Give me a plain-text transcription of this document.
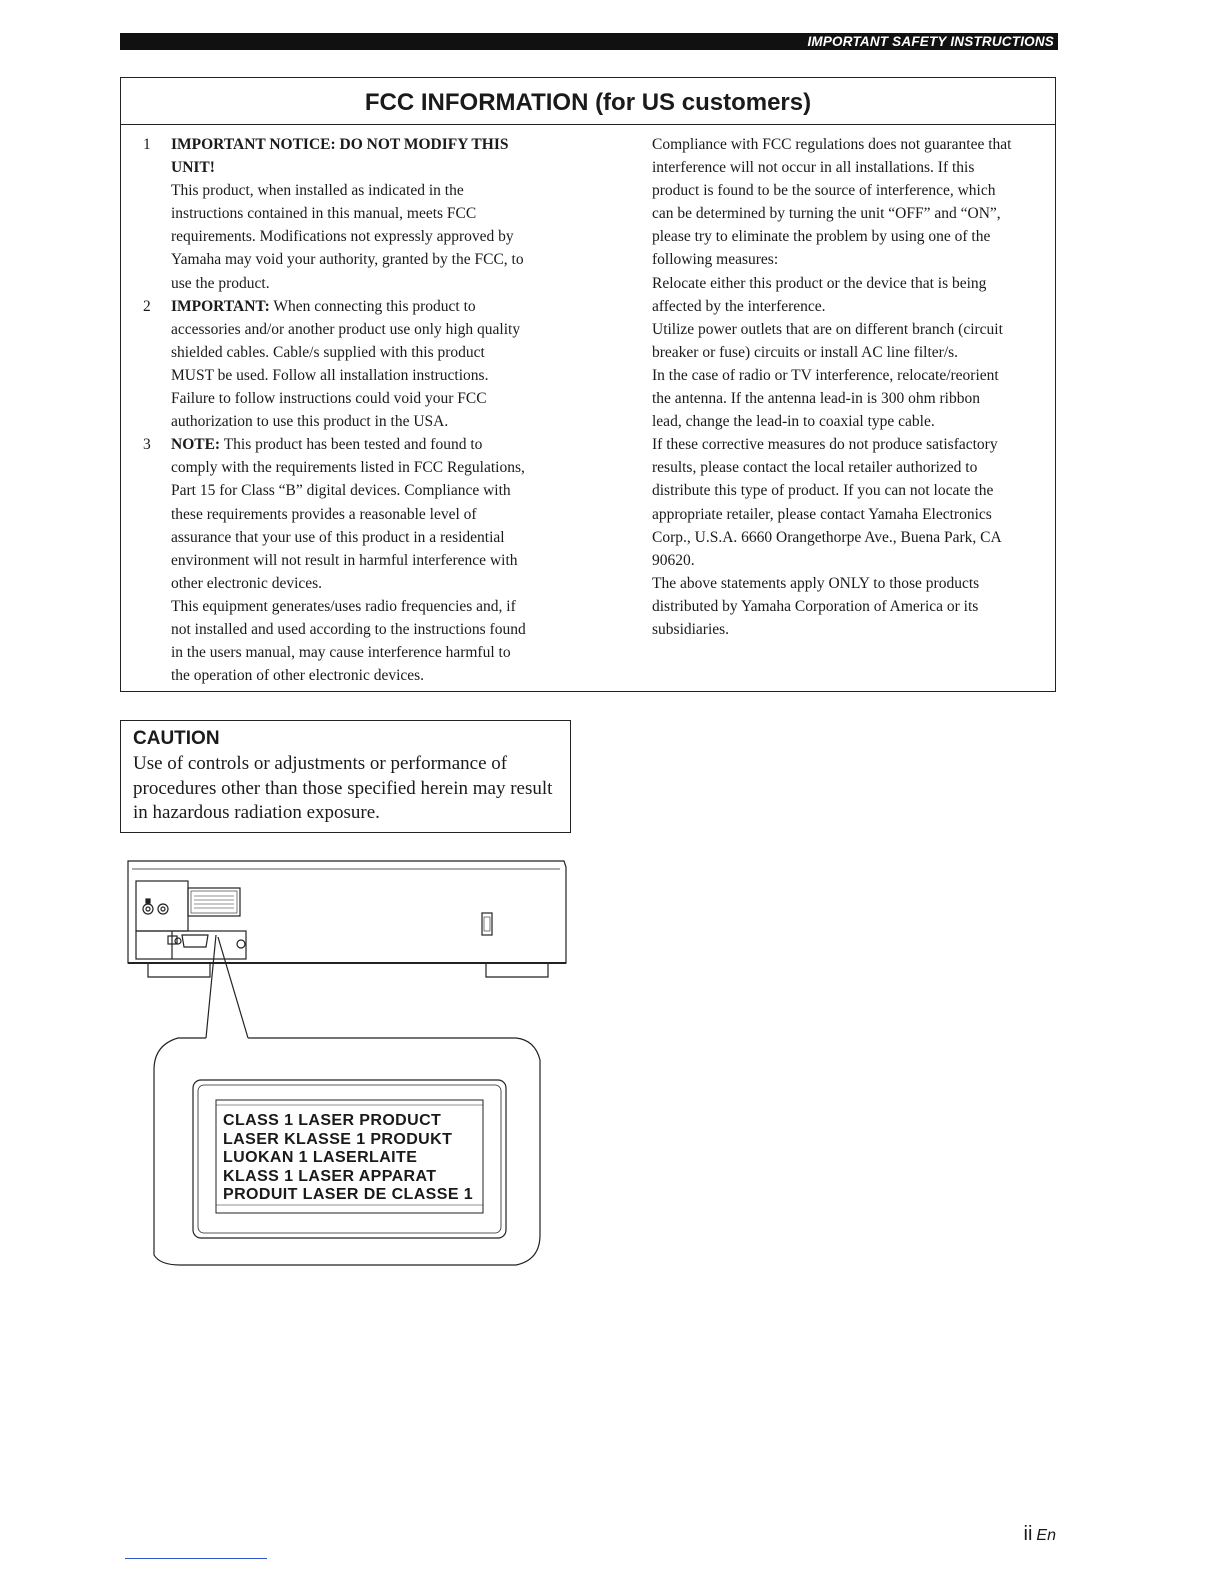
IMPORTANT SAFETY INSTRUCTIONS
FCC INFORMATION (for US customers)
1	IMPORTANT NOTICE: DO NOT MODIFY THIS
UNIT!
This product, when installed as indicated in the
instructions contained in this manual, meets FCC
requirements. Modifications not expressly approved by
Yamaha may void your authority, granted by the FCC, to
use the product.
2	IMPORTANT: When connecting this product to
accessories and/or another product use only high quality
shielded cables. Cable/s supplied with this product
MUST be used. Follow all installation instructions.
Failure to follow instructions could void your FCC
authorization to use this product in the USA.
3	NOTE: This product has been tested and found to
comply with the requirements listed in FCC Regulations,
Part 15 for Class “B” digital devices. Compliance with
these requirements provides a reasonable level of
assurance that your use of this product in a residential
environment will not result in harmful interference with
other electronic devices.
This equipment generates/uses radio frequencies and, if
not installed and used according to the instructions found
in the users manual, may cause interference harmful to
the operation of other electronic devices.
Compliance with FCC regulations does not guarantee that
interference will not occur in all installations. If this
product is found to be the source of interference, which
can be determined by turning the unit “OFF” and “ON”,
please try to eliminate the problem by using one of the
following measures:
Relocate either this product or the device that is being
affected by the interference.
Utilize power outlets that are on different branch (circuit
breaker or fuse) circuits or install AC line filter/s.
In the case of radio or TV interference, relocate/reorient
the antenna. If the antenna lead-in is 300 ohm ribbon
lead, change the lead-in to coaxial type cable.
If these corrective measures do not produce satisfactory
results, please contact the local retailer authorized to
distribute this type of product. If you can not locate the
appropriate retailer, please contact Yamaha Electronics
Corp., U.S.A. 6660 Orangethorpe Ave., Buena Park, CA
90620.
The above statements apply ONLY to those products
distributed by Yamaha Corporation of America or its
subsidiaries.
CAUTION
Use of controls or adjustments or performance of
procedures other than those specified herein may result
in hazardous radiation exposure.
CLASS 1 LASER PRODUCT
LASER KLASSE 1 PRODUKT
LUOKAN 1 LASERLAITE
KLASS 1 LASER APPARAT
PRODUIT LASER DE CLASSE 1
ii En
